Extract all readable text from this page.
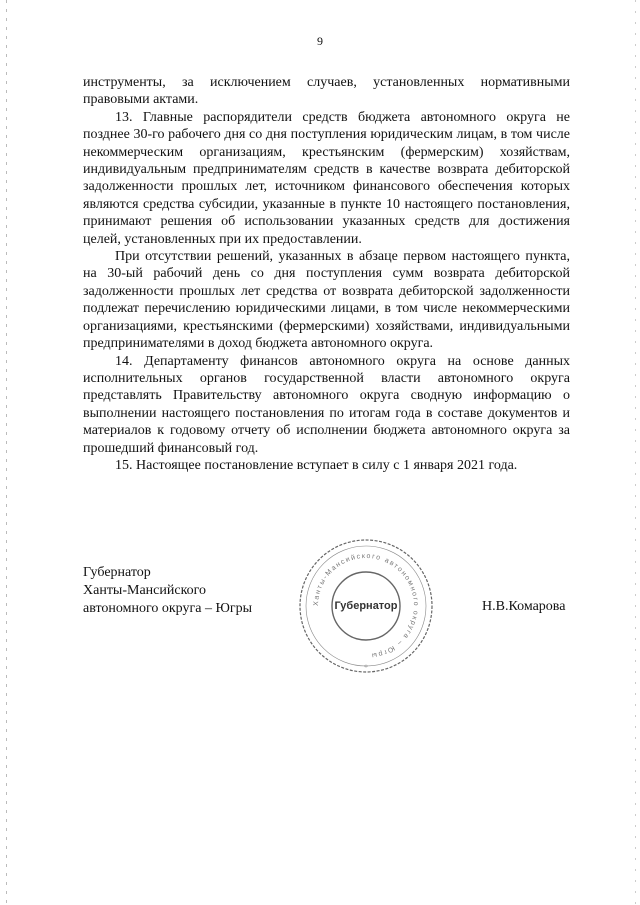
9

инструменты, за исключением случаев, установленных нормативными правовыми актами.

13. Главные распорядители средств бюджета автономного округа не позднее 30-го рабочего дня со дня поступления юридическим лицам, в том числе некоммерческим организациям, крестьянским (фермерским) хозяйствам, индивидуальным предпринимателям средств в качестве возврата дебиторской задолженности прошлых лет, источником финансового обеспечения которых являются средства субсидии, указанные в пункте 10 настоящего постановления, принимают решения об использовании указанных средств для достижения целей, установленных при их предоставлении.

При отсутствии решений, указанных в абзаце первом настоящего пункта, на 30-ый рабочий день со дня поступления сумм возврата дебиторской задолженности прошлых лет средства от возврата дебиторской задолженности подлежат перечислению юридическими лицами, в том числе некоммерческими организациями, крестьянскими (фермерскими) хозяйствами, индивидуальными предпринимателями в доход бюджета автономного округа.

14. Департаменту финансов автономного округа на основе данных исполнительных органов государственной власти автономного округа представлять Правительству автономного округа сводную информацию о выполнении настоящего постановления по итогам года в составе документов и материалов к годовому отчету об исполнении бюджета автономного округа за прошедший финансовый год.

15. Настоящее постановление вступает в силу с 1 января 2021 года.

Губернатор
Ханты-Мансийского
автономного округа – Югры	Ханты-Мансийского автономного округа – Югры
Губернатор
*
Н.В.Комарова
